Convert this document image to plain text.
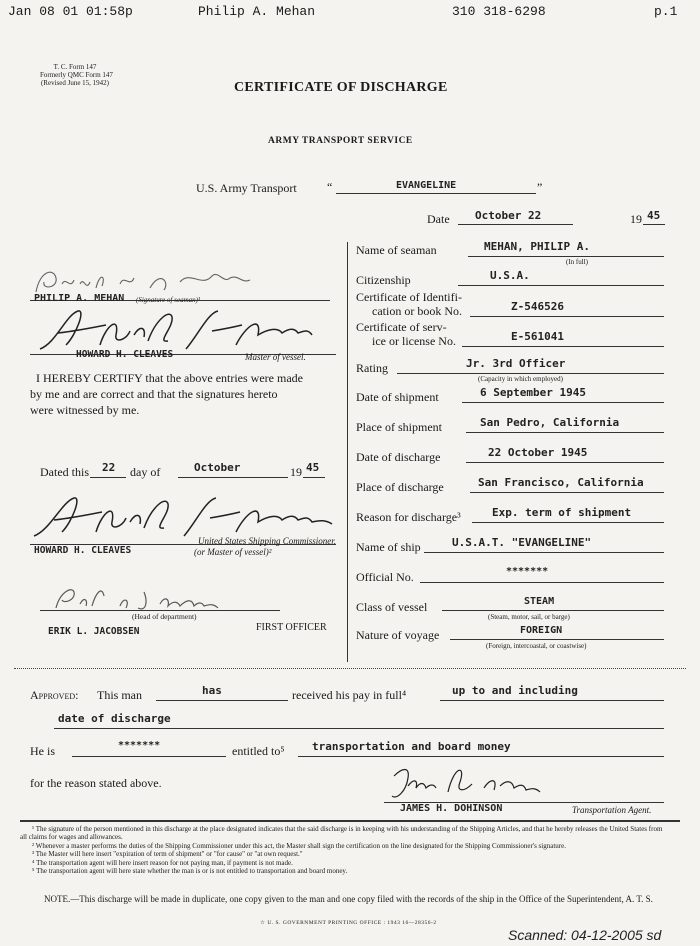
Jan 08 01 01:58p	Philip A. Mehan	310 318-6298	p.1
T. C. Form 147
Formerly QMC Form 147
(Revised June 15, 1942)	CERTIFICATE OF DISCHARGE
ARMY TRANSPORT SERVICE
U.S. Army Transport	“	EVANGELINE	”
Date October 22	19 45
Name of seaman	MEHAN, PHILIP A.
(In full)
Citizenship	U.S.A.
Certificate of Identifi-
cation or book No.	Z-546526
Certificate of serv-
ice or license No.	E-561041
Rating	Jr. 3rd Officer
(Capacity in which employed)
Date of shipment	6 September 1945
Place of shipment	San Pedro, California
Date of discharge	22 October 1945
Place of discharge	San Francisco, California
Reason for discharge³	Exp. term of shipment
Name of ship	U.S.A.T. "EVANGELINE"
Official No.	*******
Class of vessel	STEAM
(Steam, motor, sail, or barge)
Nature of voyage	FOREIGN
(Foreign, intercoastal, or coastwise)
PHILIP A. MEHAN (Signature of seaman)¹
HOWARD H. CLEAVES	Master of vessel.
I HEREBY CERTIFY that the above entries were made
by me and are correct and that the signatures hereto
were witnessed by me.
Dated this 22 day of	October	19 45
HOWARD H. CLEAVES
United States Shipping Commissioner.
(or Master of vessel)²
(Head of department)
ERIK L. JACOBSEN	FIRST OFFICER
Approved: This man	has	received his pay in full⁴	up to and including
date of discharge
He is	*******	entitled to⁵ transportation and board money
for the reason stated above.
JAMES H. DOHINSON	Transportation Agent.
¹ The signature of the person mentioned in this discharge at the place designated indicates that the said discharge is in keeping with his understanding of the Shipping Articles, and that he hereby releases the United States from all claims for wages and allowances.
² Whenever a master performs the duties of the Shipping Commissioner under this act, the Master shall sign the certification on the line designated for the Shipping Commissioner's signature.
³ The Master will here insert "expiration of term of shipment" or "for cause" or "at own request."
⁴ The transportation agent will here insert reason for not paying man, if payment is not made.
⁵ The transportation agent will here state whether the man is or is not entitled to transportation and board money.
NOTE.—This discharge will be made in duplicate, one copy given to the man and one copy filed with the records of the ship in the Office of the Superintendent, A. T. S.
☆ U. S. GOVERNMENT PRINTING OFFICE : 1943 16—28356-2
Scanned: 04-12-2005 sd
